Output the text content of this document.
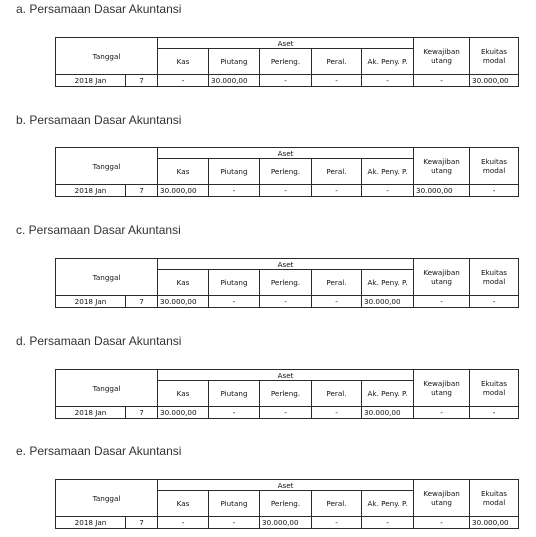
a. Persamaan Dasar Akuntansi
Tanggal		Aset					Kewajiban utang	Ekuitas modal
		Kas	Piutang	Perleng.	Peral.	Ak. Peny. P.		
2018 Jan	7	-	30.000,00	-	-	-	-	30.000,00
b. Persamaan Dasar Akuntansi
Tanggal		Aset					Kewajiban utang	Ekuitas modal
		Kas	Piutang	Perleng.	Peral.	Ak. Peny. P.		
2018 Jan	7	30.000,00	-	-	-	-	30.000,00	-
c. Persamaan Dasar Akuntansi
Tanggal		Aset					Kewajiban utang	Ekuitas modal
		Kas	Piutang	Perleng.	Peral.	Ak. Peny. P.		
2018 Jan	7	30.000,00	-	-	-	30.000,00	-	-
d. Persamaan Dasar Akuntansi
Tanggal		Aset					Kewajiban utang	Ekuitas modal
		Kas	Piutang	Perleng.	Peral.	Ak. Peny. P.		
2018 Jan	7	30.000,00	-	-	-	30.000,00	-	-
e. Persamaan Dasar Akuntansi
Tanggal		Aset					Kewajiban utang	Ekuitas modal
		Kas	Piutang	Perleng.	Peral.	Ak. Peny. P.		
2018 Jan	7	-	-	30.000,00	-	-	-	30.000,00
